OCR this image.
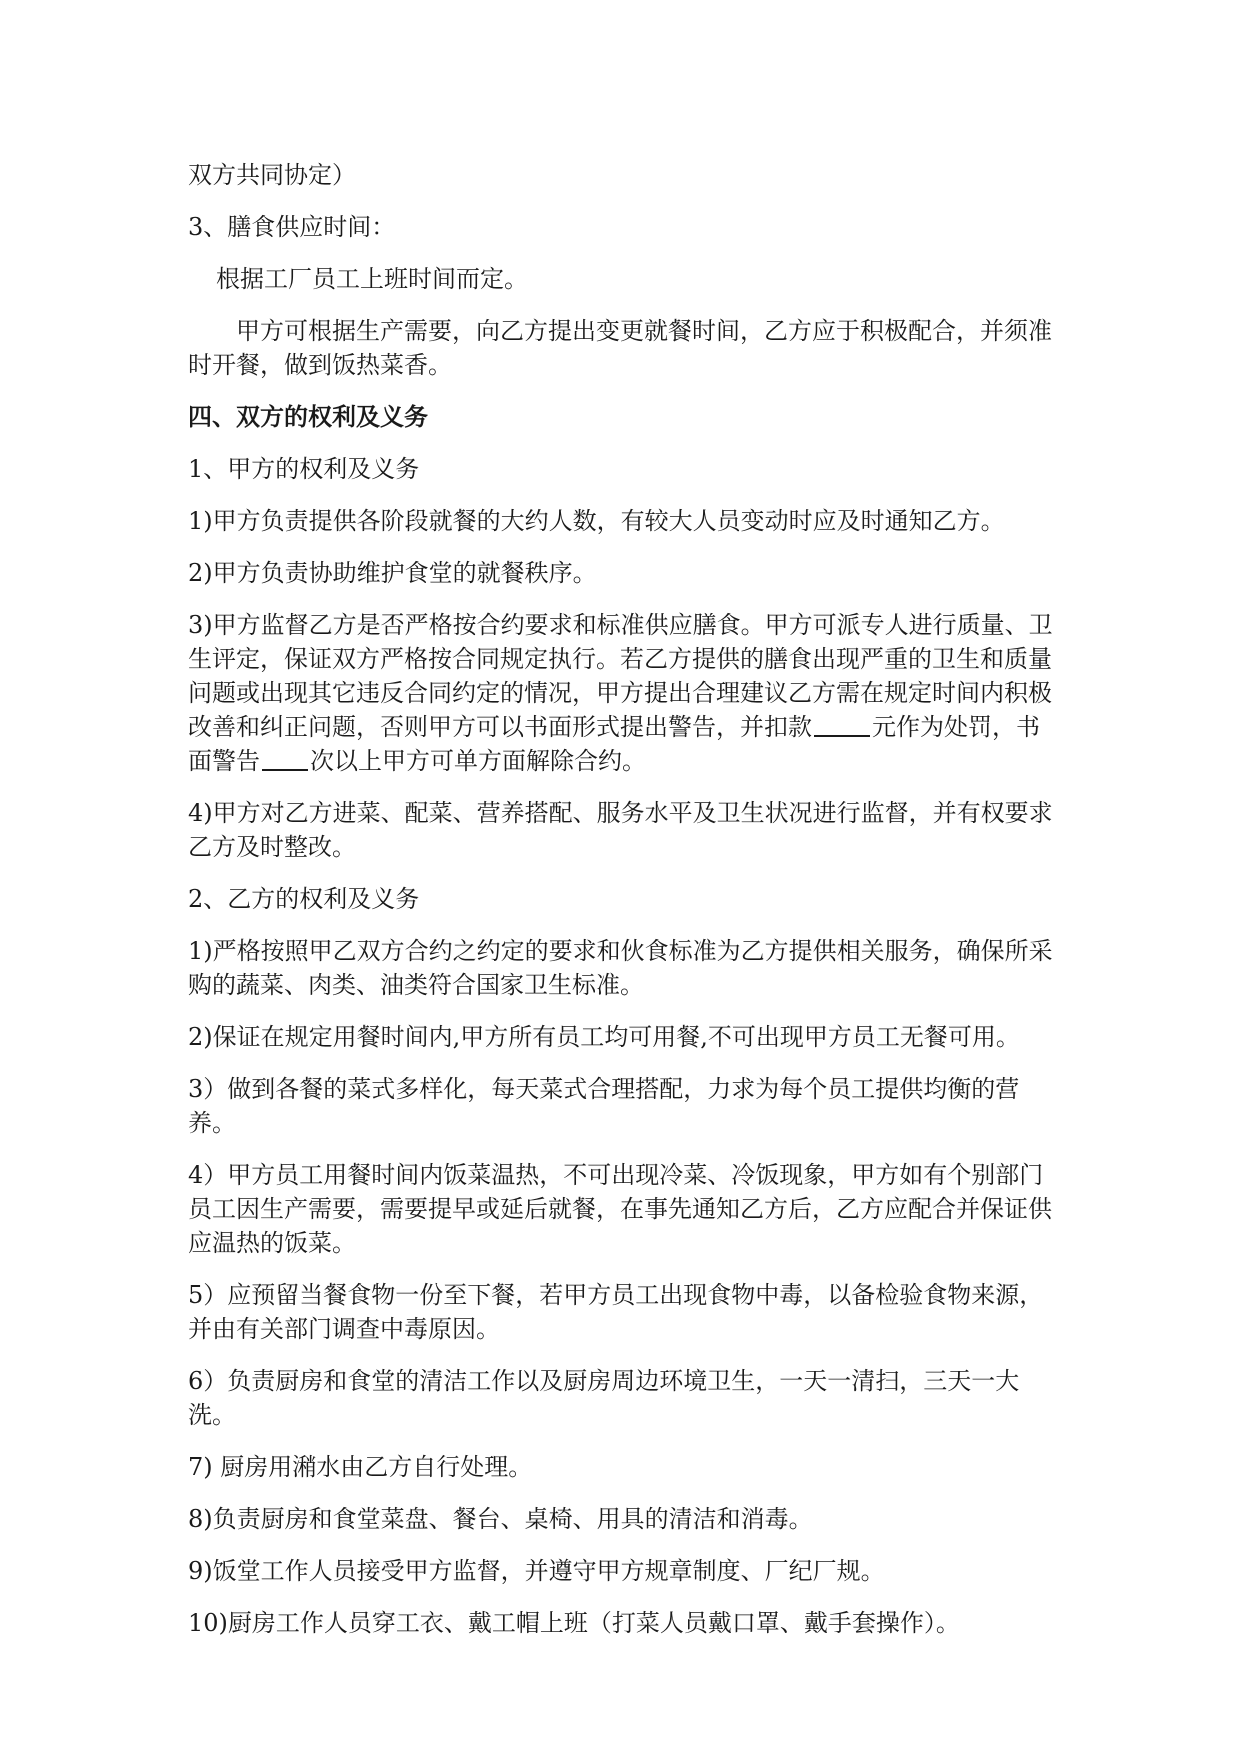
双方共同协定）

3、膳食供应时间：

根据工厂员工上班时间而定。

甲方可根据生产需要，向乙方提出变更就餐时间，乙方应于积极配合，并须准时开餐，做到饭热菜香。

四、双方的权利及义务

1、甲方的权利及义务

1)甲方负责提供各阶段就餐的大约人数，有较大人员变动时应及时通知乙方。

2)甲方负责协助维护食堂的就餐秩序。

3)甲方监督乙方是否严格按合约要求和标准供应膳食。甲方可派专人进行质量、卫生评定，保证双方严格按合同规定执行。若乙方提供的膳食出现严重的卫生和质量问题或出现其它违反合同约定的情况，甲方提出合理建议乙方需在规定时间内积极改善和纠正问题，否则甲方可以书面形式提出警告，并扣款	元作为处罚，书面警告 次以上甲方可单方面解除合约。

4)甲方对乙方进菜、配菜、营养搭配、服务水平及卫生状况进行监督，并有权要求乙方及时整改。

2、乙方的权利及义务

1)严格按照甲乙双方合约之约定的要求和伙食标准为乙方提供相关服务，确保所采购的蔬菜、肉类、油类符合国家卫生标准。

2)保证在规定用餐时间内,甲方所有员工均可用餐,不可出现甲方员工无餐可用。

3）做到各餐的菜式多样化，每天菜式合理搭配，力求为每个员工提供均衡的营养。

4）甲方员工用餐时间内饭菜温热，不可出现冷菜、冷饭现象，甲方如有个别部门员工因生产需要，需要提早或延后就餐，在事先通知乙方后，乙方应配合并保证供应温热的饭菜。

5）应预留当餐食物一份至下餐，若甲方员工出现食物中毒，以备检验食物来源，并由有关部门调查中毒原因。

6）负责厨房和食堂的清洁工作以及厨房周边环境卫生，一天一清扫，三天一大洗。

7) 厨房用潲水由乙方自行处理。

8)负责厨房和食堂菜盘、餐台、桌椅、用具的清洁和消毒。

9)饭堂工作人员接受甲方监督，并遵守甲方规章制度、厂纪厂规。

10)厨房工作人员穿工衣、戴工帽上班（打菜人员戴口罩、戴手套操作）。
